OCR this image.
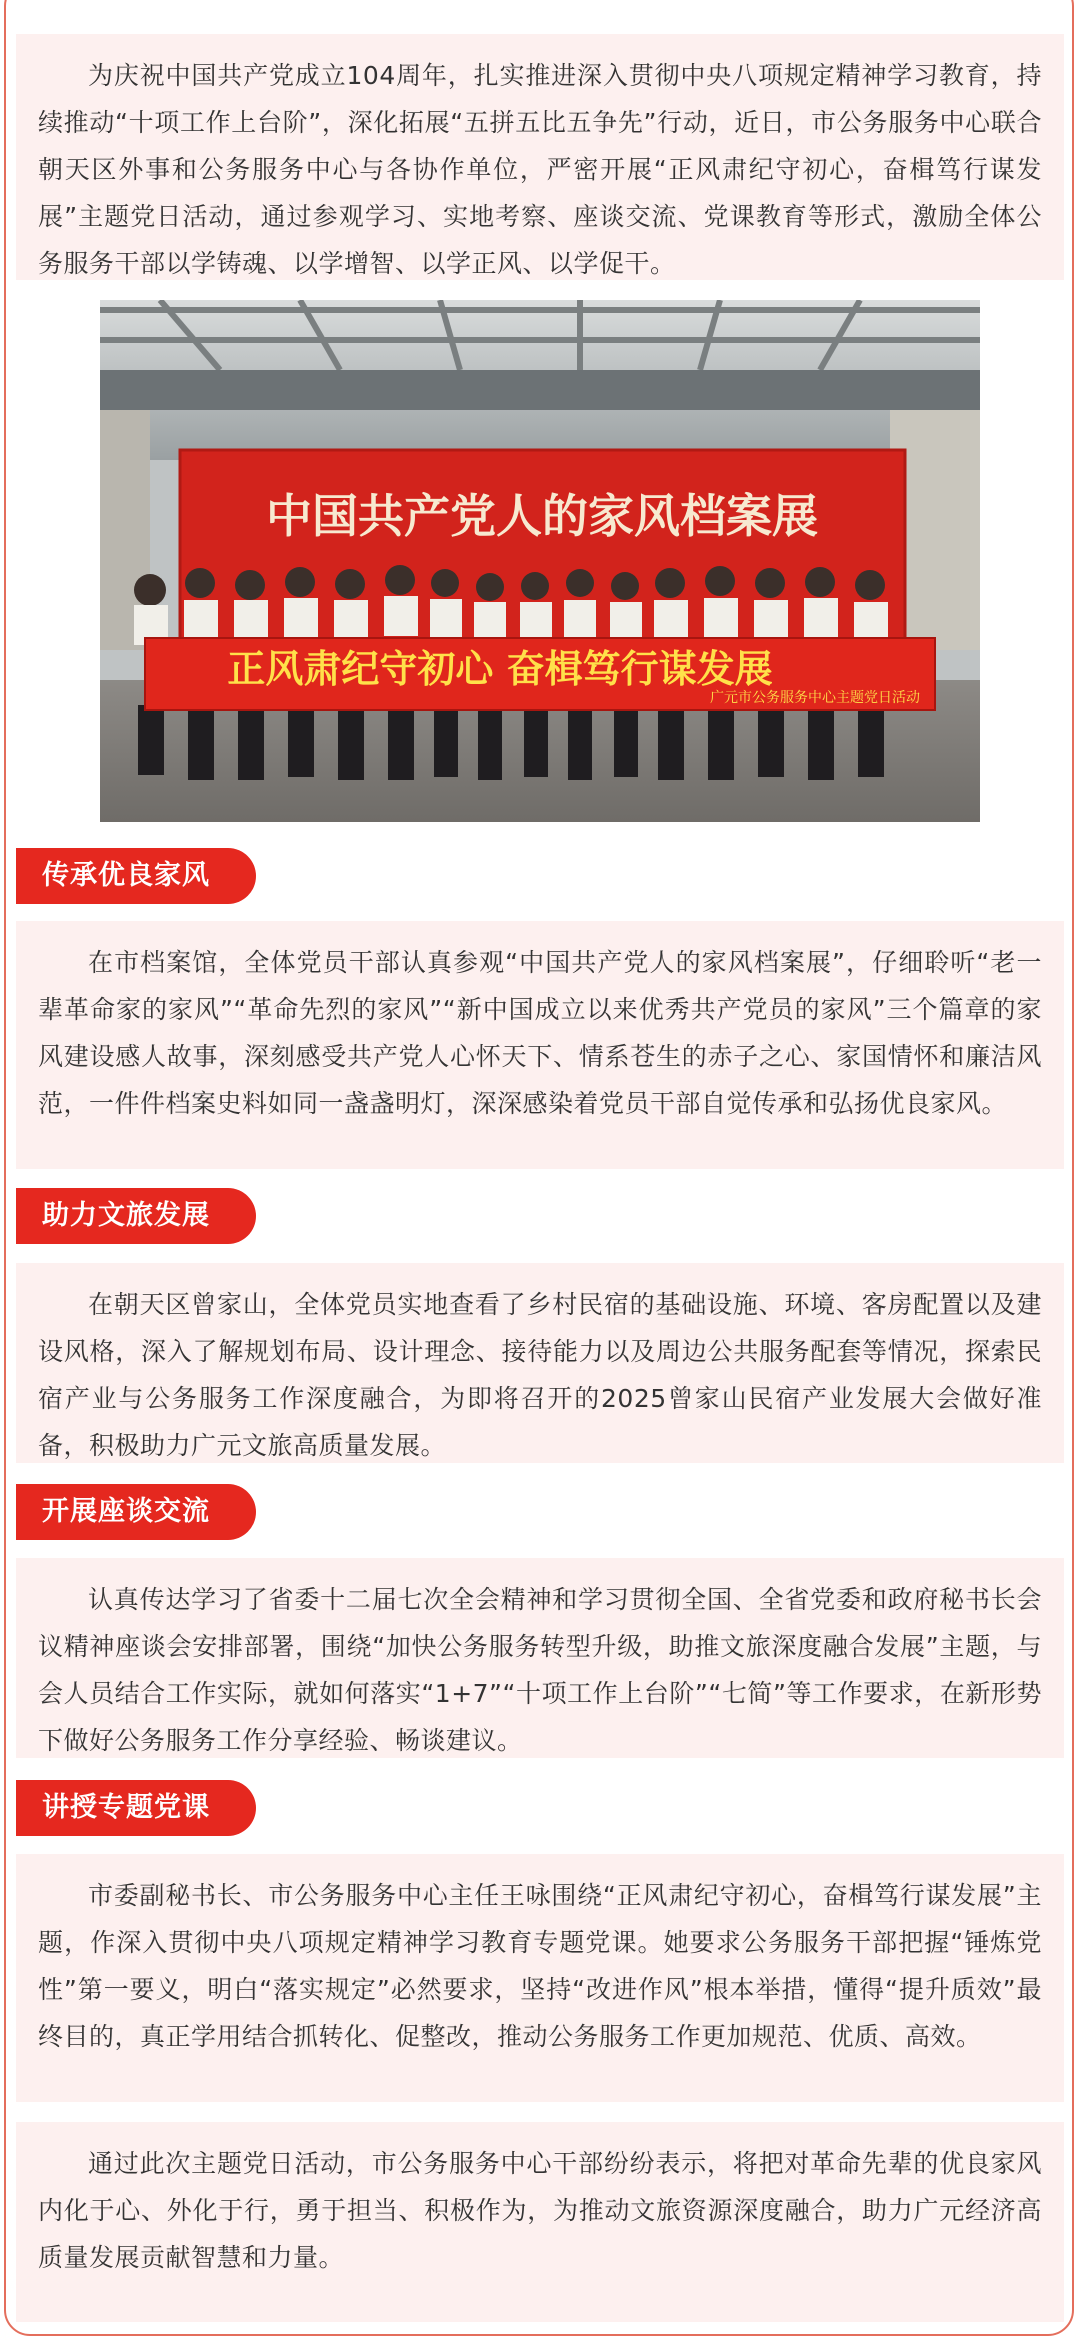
为庆祝中国共产党成立104周年，扎实推进深入贯彻中央八项规定精神学习教育，持续推动“十项工作上台阶”，深化拓展“五拼五比五争先”行动，近日，市公务服务中心联合朝天区外事和公务服务中心与各协作单位，严密开展“正风肃纪守初心，奋楫笃行谋发展”主题党日活动，通过参观学习、实地考察、座谈交流、党课教育等形式，激励全体公务服务干部以学铸魂、以学增智、以学正风、以学促干。

中国共产党人的家风档案展
正风肃纪守初心 奋楫笃行谋发展
广元市公务服务中心主题党日活动
传承优良家风

在市档案馆，全体党员干部认真参观“中国共产党人的家风档案展”，仔细聆听“老一辈革命家的家风”“革命先烈的家风”“新中国成立以来优秀共产党员的家风”三个篇章的家风建设感人故事，深刻感受共产党人心怀天下、情系苍生的赤子之心、家国情怀和廉洁风范，一件件档案史料如同一盏盏明灯，深深感染着党员干部自觉传承和弘扬优良家风。

助力文旅发展

在朝天区曾家山，全体党员实地查看了乡村民宿的基础设施、环境、客房配置以及建设风格，深入了解规划布局、设计理念、接待能力以及周边公共服务配套等情况，探索民宿产业与公务服务工作深度融合，为即将召开的2025曾家山民宿产业发展大会做好准备，积极助力广元文旅高质量发展。

开展座谈交流

认真传达学习了省委十二届七次全会精神和学习贯彻全国、全省党委和政府秘书长会议精神座谈会安排部署，围绕“加快公务服务转型升级，助推文旅深度融合发展”主题，与会人员结合工作实际，就如何落实“1+7”“十项工作上台阶”“七简”等工作要求，在新形势下做好公务服务工作分享经验、畅谈建议。

讲授专题党课

市委副秘书长、市公务服务中心主任王咏围绕“正风肃纪守初心，奋楫笃行谋发展”主题，作深入贯彻中央八项规定精神学习教育专题党课。她要求公务服务干部把握“锤炼党性”第一要义，明白“落实规定”必然要求，坚持“改进作风”根本举措，懂得“提升质效”最终目的，真正学用结合抓转化、促整改，推动公务服务工作更加规范、优质、高效。

通过此次主题党日活动，市公务服务中心干部纷纷表示，将把对革命先辈的优良家风内化于心、外化于行，勇于担当、积极作为，为推动文旅资源深度融合，助力广元经济高质量发展贡献智慧和力量。
